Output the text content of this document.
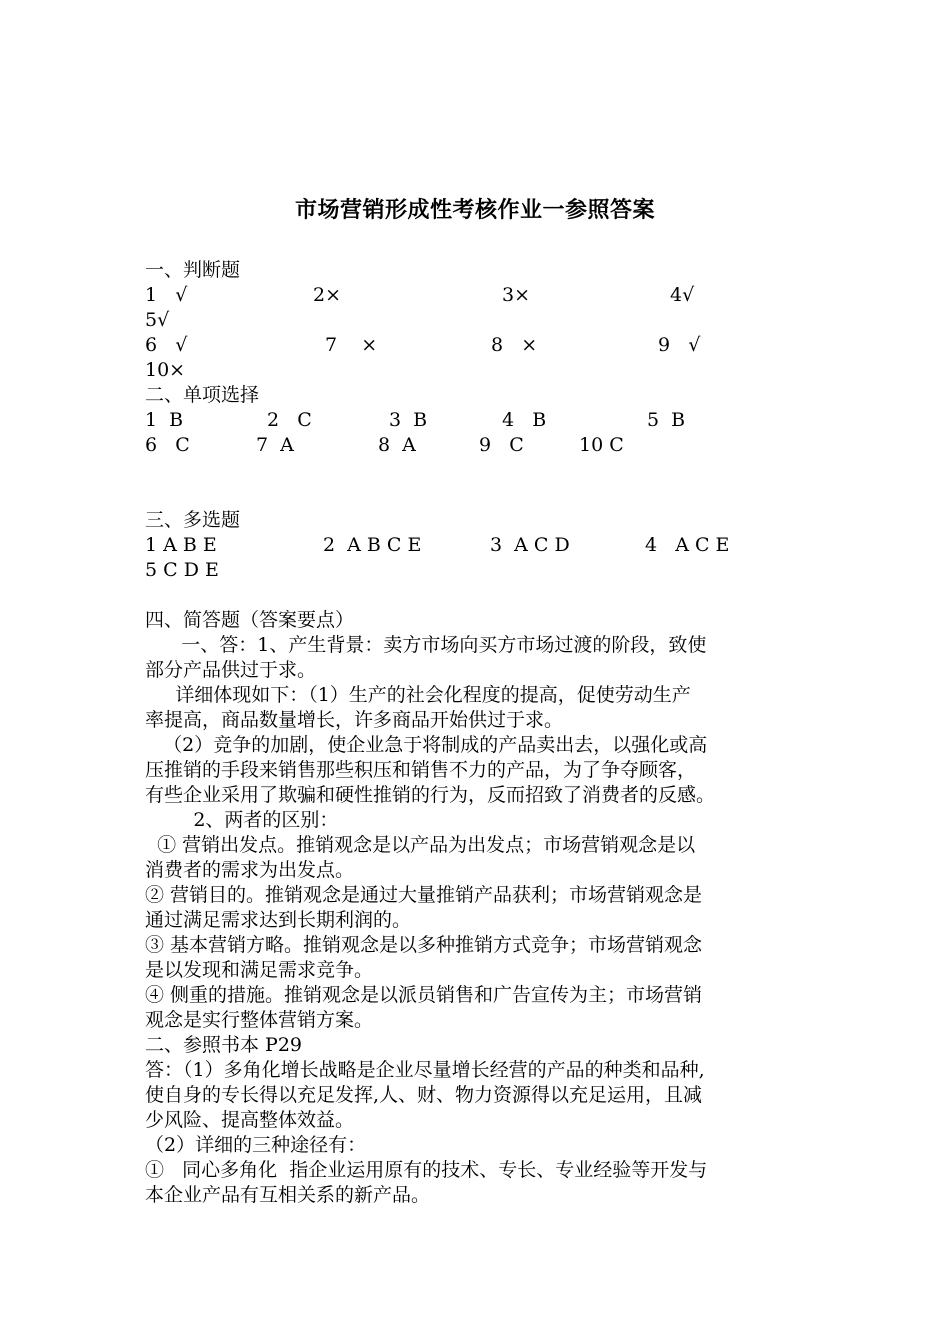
市场营销形成性考核作业一参照答案
一、判断题

1   √

	2×

	3×

	4√

5√

6   √

	7    ×

	8   ×

	9   √

10×
二、单项选择

1  B

	2   C

	3  B

	4   B

	5  B

6   C

	7  A

	8  A

	9   C

	10 C

三、多选题

1 A B E

	2  A B C E

	3  A C D

	4   A C E

5 C D E
四、简答题（答案要点）
一、答：1、产生背景：卖方市场向买方市场过渡的阶段，致使
部分产品供过于求。
详细体现如下：（1）生产的社会化程度的提高，促使劳动生产
率提高，商品数量增长，许多商品开始供过于求。
（2）竞争的加剧，使企业急于将制成的产品卖出去，以强化或高
压推销的手段来销售那些积压和销售不力的产品，为了争夺顾客，
有些企业采用了欺骗和硬性推销的行为，反而招致了消费者的反感。
2、两者的区别：
① 营销出发点。推销观念是以产品为出发点；市场营销观念是以
消费者的需求为出发点。
② 营销目的。推销观念是通过大量推销产品获利；市场营销观念是
通过满足需求达到长期利润的。
③ 基本营销方略。推销观念是以多种推销方式竞争；市场营销观念
是以发现和满足需求竞争。
④ 侧重的措施。推销观念是以派员销售和广告宣传为主；市场营销
观念是实行整体营销方案。
二、参照书本 P29
答：（1）多角化增长战略是企业尽量增长经营的产品的种类和品种,
使自身的专长得以充足发挥,人、财、物力资源得以充足运用，且减
少风险、提高整体效益。
（2）详细的三种途径有：
①   同心多角化  指企业运用原有的技术、专长、专业经验等开发与
本企业产品有互相关系的新产品。
